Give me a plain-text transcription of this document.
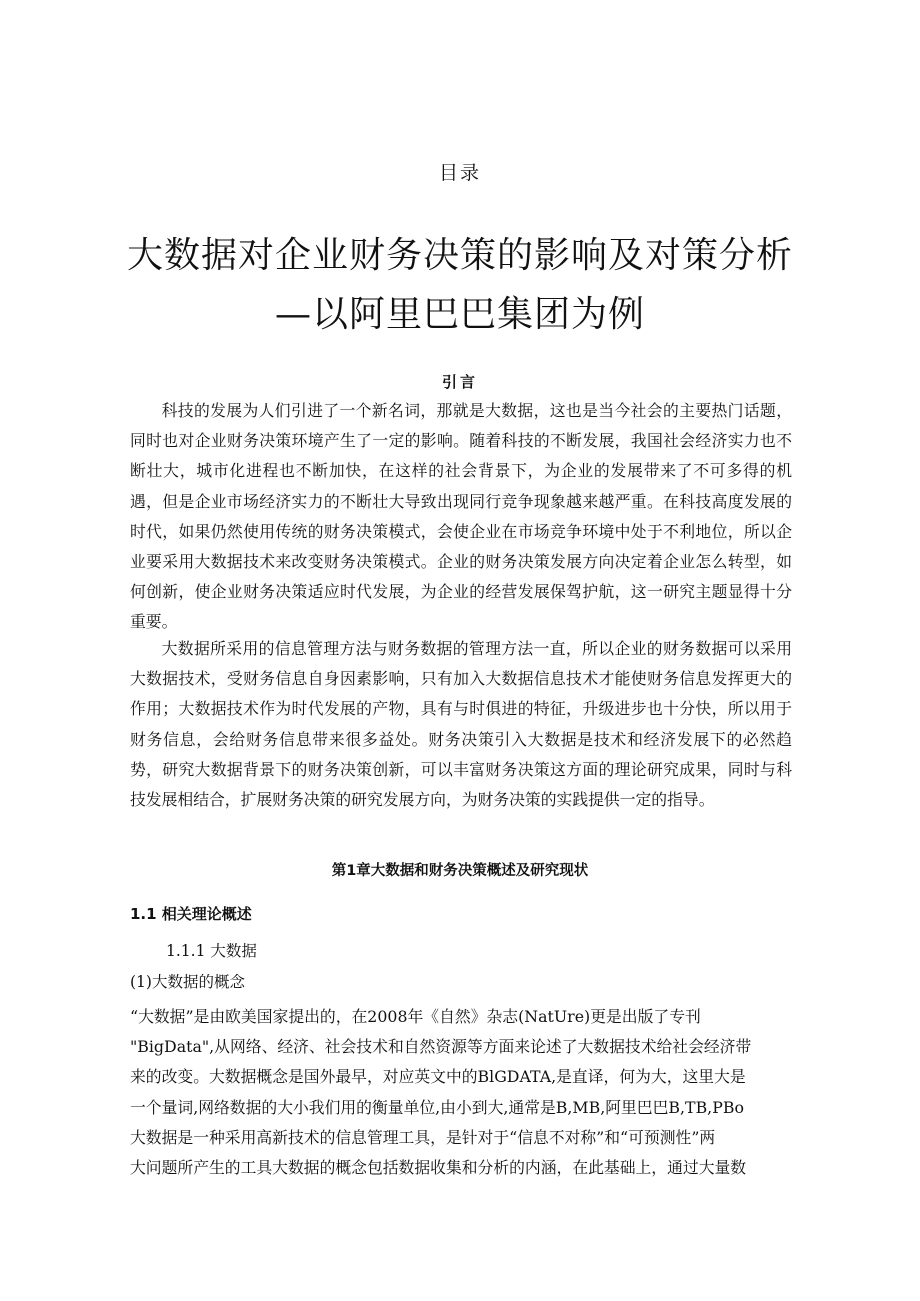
目录
大数据对企业财务决策的影响及对策分析
—以阿里巴巴集团为例
引言

科技的发展为人们引进了一个新名词，那就是大数据，这也是当今社会的主要热门话题，同时也对企业财务决策环境产生了一定的影响。随着科技的不断发展，我国社会经济实力也不断壮大，城市化进程也不断加快，在这样的社会背景下，为企业的发展带来了不可多得的机遇，但是企业市场经济实力的不断壮大导致出现同行竞争现象越来越严重。在科技高度发展的时代，如果仍然使用传统的财务决策模式，会使企业在市场竞争环境中处于不利地位，所以企业要采用大数据技术来改变财务决策模式。企业的财务决策发展方向决定着企业怎么转型，如何创新，使企业财务决策适应时代发展，为企业的经营发展保驾护航，这一研究主题显得十分重要。

大数据所采用的信息管理方法与财务数据的管理方法一直，所以企业的财务数据可以采用大数据技术，受财务信息自身因素影响，只有加入大数据信息技术才能使财务信息发挥更大的作用；大数据技术作为时代发展的产物，具有与时俱进的特征，升级进步也十分快，所以用于财务信息，会给财务信息带来很多益处。财务决策引入大数据是技术和经济发展下的必然趋势，研究大数据背景下的财务决策创新，可以丰富财务决策这方面的理论研究成果，同时与科技发展相结合，扩展财务决策的研究发展方向，为财务决策的实践提供一定的指导。

第1章大数据和财务决策概述及研究现状
1.1 相关理论概述
1.1.1 大数据
(1)大数据的概念
“大数据”是由欧美国家提出的，在2008年《自然》杂志(NatUre)更是出版了专刊
"BigData",从网络、经济、社会技术和自然资源等方面来论述了大数据技术给社会经济带
来的改变。大数据概念是国外最早，对应英文中的BlGDATA,是直译，何为大，这里大是
一个量词,网络数据的大小我们用的衡量单位,由小到大,通常是B,MB,阿里巴巴B,TB,PBo
大数据是一种采用高新技术的信息管理工具，是针对于“信息不对称”和“可预测性”两
大问题所产生的工具大数据的概念包括数据收集和分析的内涵，在此基础上，通过大量数
